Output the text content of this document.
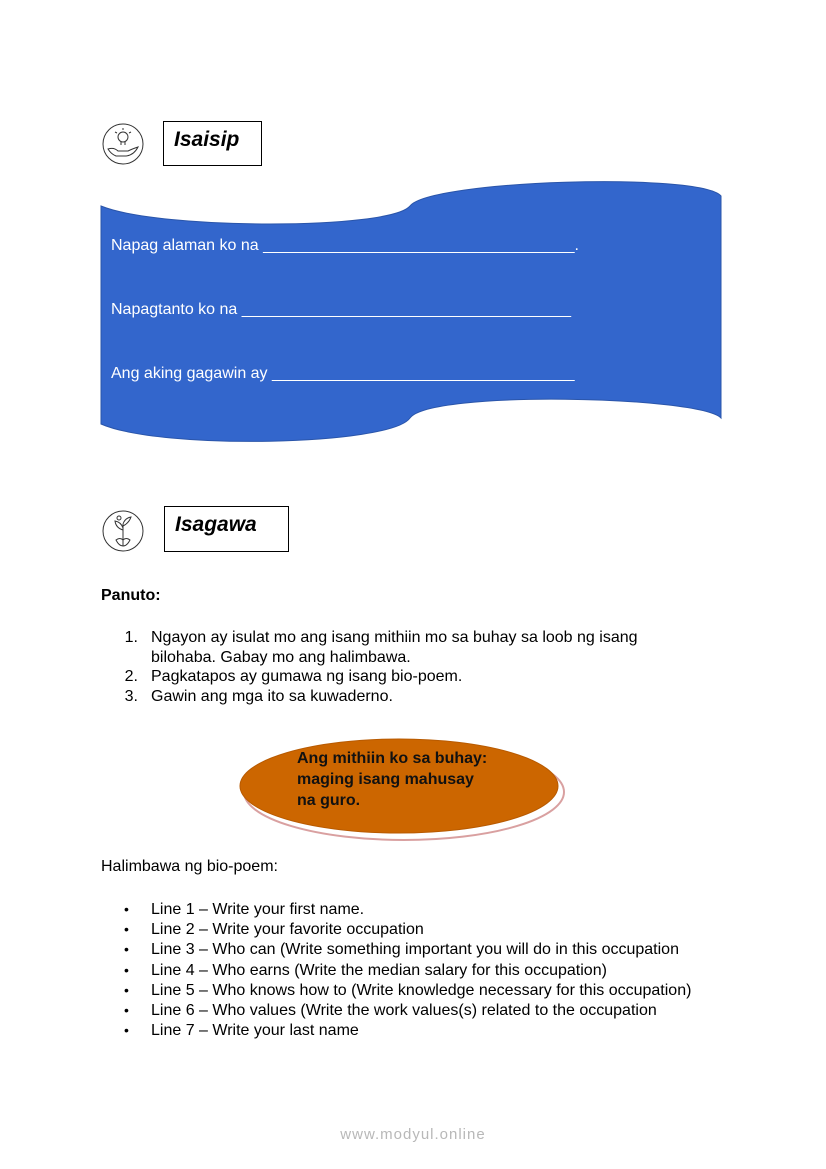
Isaisip
Napag alaman ko na ___________________________________.
Napagtanto ko na _____________________________________
Ang aking gagawin ay __________________________________
Isagawa
Panuto:
1. Ngayon ay isulat mo ang isang mithiin mo sa buhay sa loob ng isang bilohaba. Gabay mo ang halimbawa.
2. Pagkatapos ay gumawa ng isang bio-poem.
3. Gawin ang mga ito sa kuwaderno.
Ang mithiin ko sa buhay:
maging isang mahusay
na guro.
Halimbawa ng bio-poem:
• Line 1 – Write your first name.
• Line 2 – Write your favorite occupation
• Line 3 – Who can (Write something important you will do in this occupation
• Line 4 – Who earns (Write the median salary for this occupation)
• Line 5 – Who knows how to (Write knowledge necessary for this occupation)
• Line 6 – Who values (Write the work values(s) related to the occupation
• Line 7 – Write your last name
www.modyul.online
